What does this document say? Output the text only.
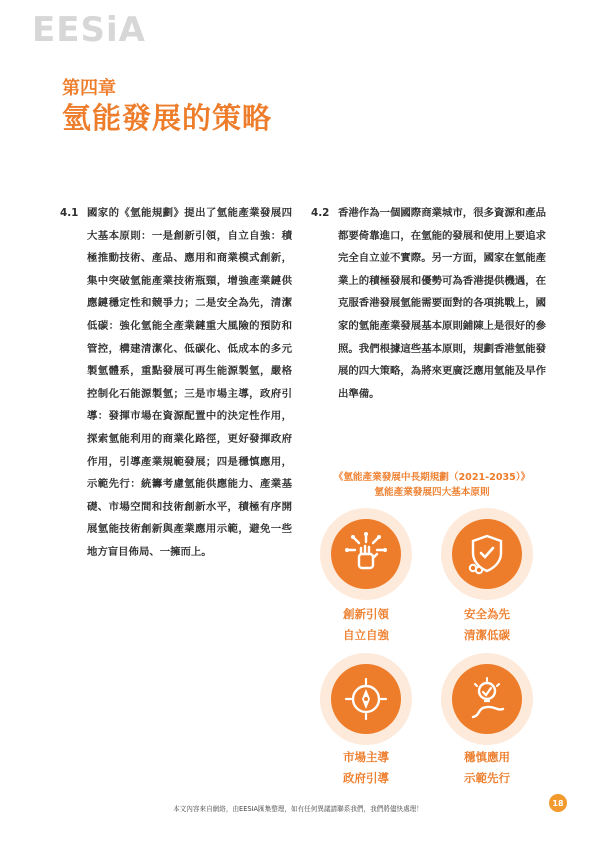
EESiA
第四章
氫能發展的策略
4.1 國家的《氫能規劃》提出了氫能產業發展四大基本原則：一是創新引領，自立自強：積極推動技術、產品、應用和商業模式創新，集中突破氫能產業技術瓶頸，增強產業鏈供應鏈穩定性和競爭力；二是安全為先，清潔低碳：強化氫能全產業鏈重大風險的預防和管控，構建清潔化、低碳化、低成本的多元製氫體系，重點發展可再生能源製氫，嚴格控制化石能源製氫；三是市場主導，政府引導：發揮市場在資源配置中的決定性作用，探索氫能利用的商業化路徑，更好發揮政府作用，引導產業規範發展；四是穩慎應用，示範先行：統籌考慮氫能供應能力、產業基礎、市場空間和技術創新水平，積極有序開展氫能技術創新與產業應用示範，避免一些地方盲目佈局、一擁而上。
4.2 香港作為一個國際商業城市，很多資源和產品都要倚靠進口，在氫能的發展和使用上要追求完全自立並不實際。另一方面，國家在氫能產業上的積極發展和優勢可為香港提供機遇，在克服香港發展氫能需要面對的各項挑戰上，國家的氫能產業發展基本原則鋪陳上是很好的參照。我們根據這些基本原則，規劃香港氫能發展的四大策略，為將來更廣泛應用氫能及早作出準備。
《氫能產業發展中長期規劃（2021-2035）》
氫能產業發展四大基本原則
創新引領
自立自強
安全為先
清潔低碳
市場主導
政府引導
穩慎應用
示範先行
本文內容來自網絡，由EESIA匯集整理，如有任何異議請聯系我們，我們將儘快處理！
18
